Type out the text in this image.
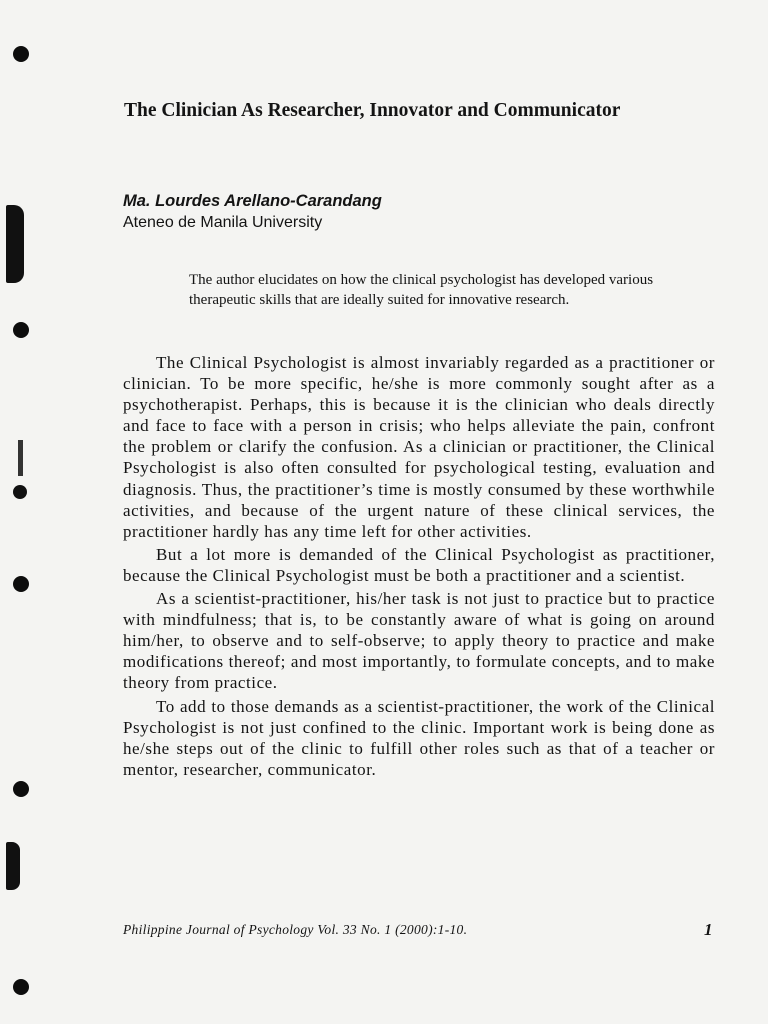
The Clinician As Researcher, Innovator and Communicator

Ma. Lourdes Arellano-Carandang

Ateneo de Manila University

The author elucidates on how the clinical psychologist has developed various therapeutic skills that are ideally suited for innovative research.

The Clinical Psychologist is almost invariably regarded as a practitioner or clinician. To be more specific, he/she is more commonly sought after as a psychotherapist. Perhaps, this is because it is the clinician who deals directly and face to face with a person in crisis; who helps alleviate the pain, confront the problem or clarify the confusion. As a clinician or practitioner, the Clinical Psychologist is also often consulted for psychological testing, evaluation and diagnosis. Thus, the practitioner’s time is mostly consumed by these worthwhile activities, and because of the urgent nature of these clinical services, the practitioner hardly has any time left for other activities.

But a lot more is demanded of the Clinical Psychologist as practitioner, because the Clinical Psychologist must be both a practitioner and a scientist.

As a scientist-practitioner, his/her task is not just to practice but to practice with mindfulness; that is, to be constantly aware of what is going on around him/her, to observe and to self-observe; to apply theory to practice and make modifications thereof; and most importantly, to formulate concepts, and to make theory from practice.

To add to those demands as a scientist-practitioner, the work of the Clinical Psychologist is not just confined to the clinic. Important work is being done as he/she steps out of the clinic to fulfill other roles such as that of a teacher or mentor, researcher, communicator.

Philippine Journal of Psychology Vol. 33 No. 1 (2000):1-10.	1
